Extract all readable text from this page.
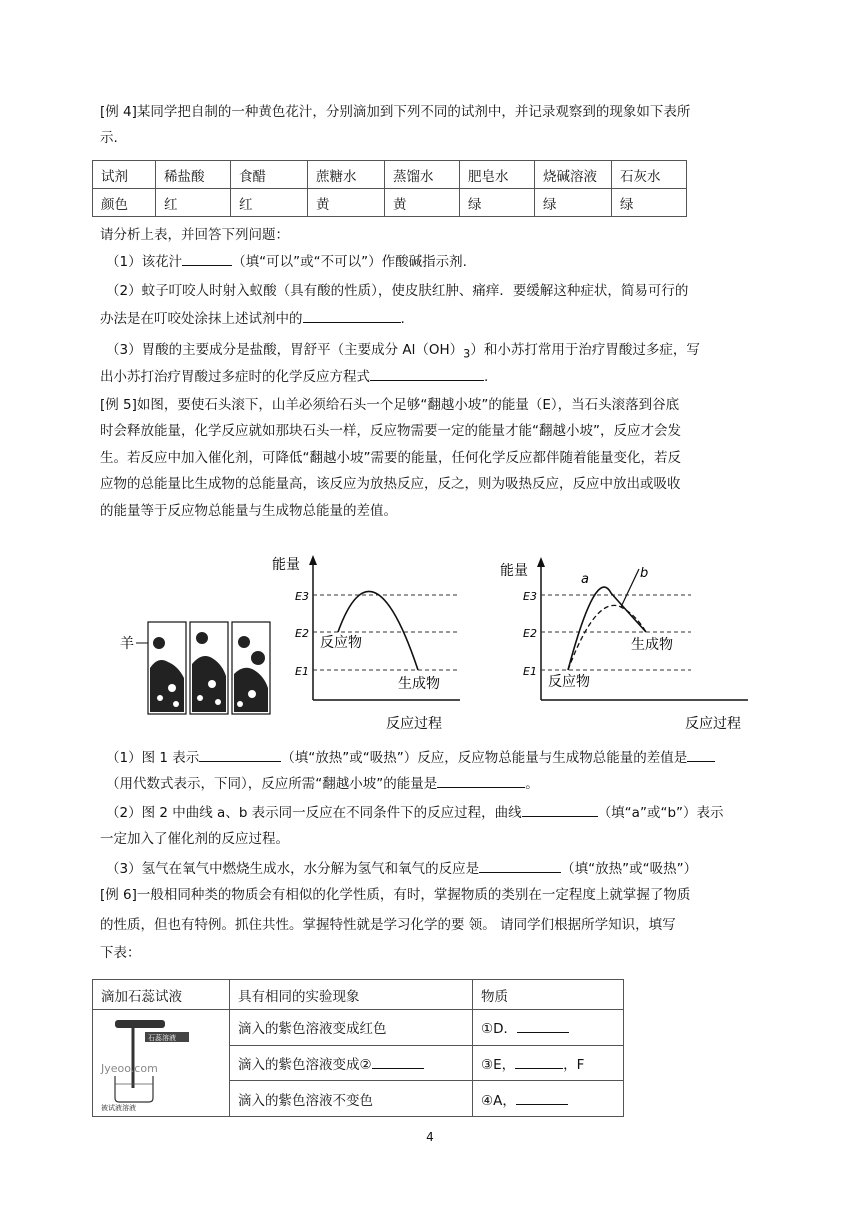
[例 4]某同学把自制的一种黄色花汁，分别滴加到下列不同的试剂中，并记录观察到的现象如下表所
示.
试剂	稀盐酸	食醋	蔗糖水	蒸馏水	肥皂水	烧碱溶液	石灰水
颜色	红	红	黄	黄	绿	绿	绿
请分析上表，并回答下列问题：
（1）该花汁	（填“可以”或“不可以”）作酸碱指示剂.
（2）蚊子叮咬人时射入蚁酸（具有酸的性质），使皮肤红肿、痛痒．要缓解这种症状，简易可行的
办法是在叮咬处涂抹上述试剂中的	.
（3）胃酸的主要成分是盐酸，胃舒平（主要成分 $Al(OH)_3$）和小苏打常用于治疗胃酸过多症，写
出小苏打治疗胃酸过多症时的化学反应方程式	.
[例 5]如图，要使石头滚下，山羊必须给石头一个足够“翻越小坡”的能量（E），当石头滚落到谷底
时会释放能量，化学反应就如那块石头一样，反应物需要一定的能量才能“翻越小坡”，反应才会发
生。若反应中加入催化剂，可降低“翻越小坡”需要的能量，任何化学反应都伴随着能量变化，若反
应物的总能量比生成物的总能量高，该反应为放热反应，反之，则为吸热反应，反应中放出或吸收
的能量等于反应物总能量与生成物总能量的差值。
羊
能量
E3
E2
E1
反应物
生成物
反应过程
能量
E3
E2
E1
a	b
生成物
反应物
反应过程
（1）图 1 表示	（填“放热”或“吸热”）反应，反应物总能量与生成物总能量的差值是
（用代数式表示，下同），反应所需“翻越小坡”的能量是	。
（2）图 2 中曲线 a、b 表示同一反应在不同条件下的反应过程，曲线	（填“a”或“b”）表示
一定加入了催化剂的反应过程。
（3）氢气在氧气中燃烧生成水，水分解为氢气和氧气的反应是	（填“放热”或“吸热”）
[例 6]一般相同种类的物质会有相似的化学性质，有时，掌握物质的类别在一定程度上就掌握了物质
的性质，但也有特例。抓住共性。掌握特性就是学习化学的要 领。 请同学们根据所学知识，填写
下表：
滴加石蕊试液	具有相同的实验现象	物质

石蕊溶液
Jyeoo.com
被试液溶液	滴入的紫色溶液变成红色	①D．
	滴入的紫色溶液变成②	③E， ，F
	滴入的紫色溶液不变色	④A，
4
